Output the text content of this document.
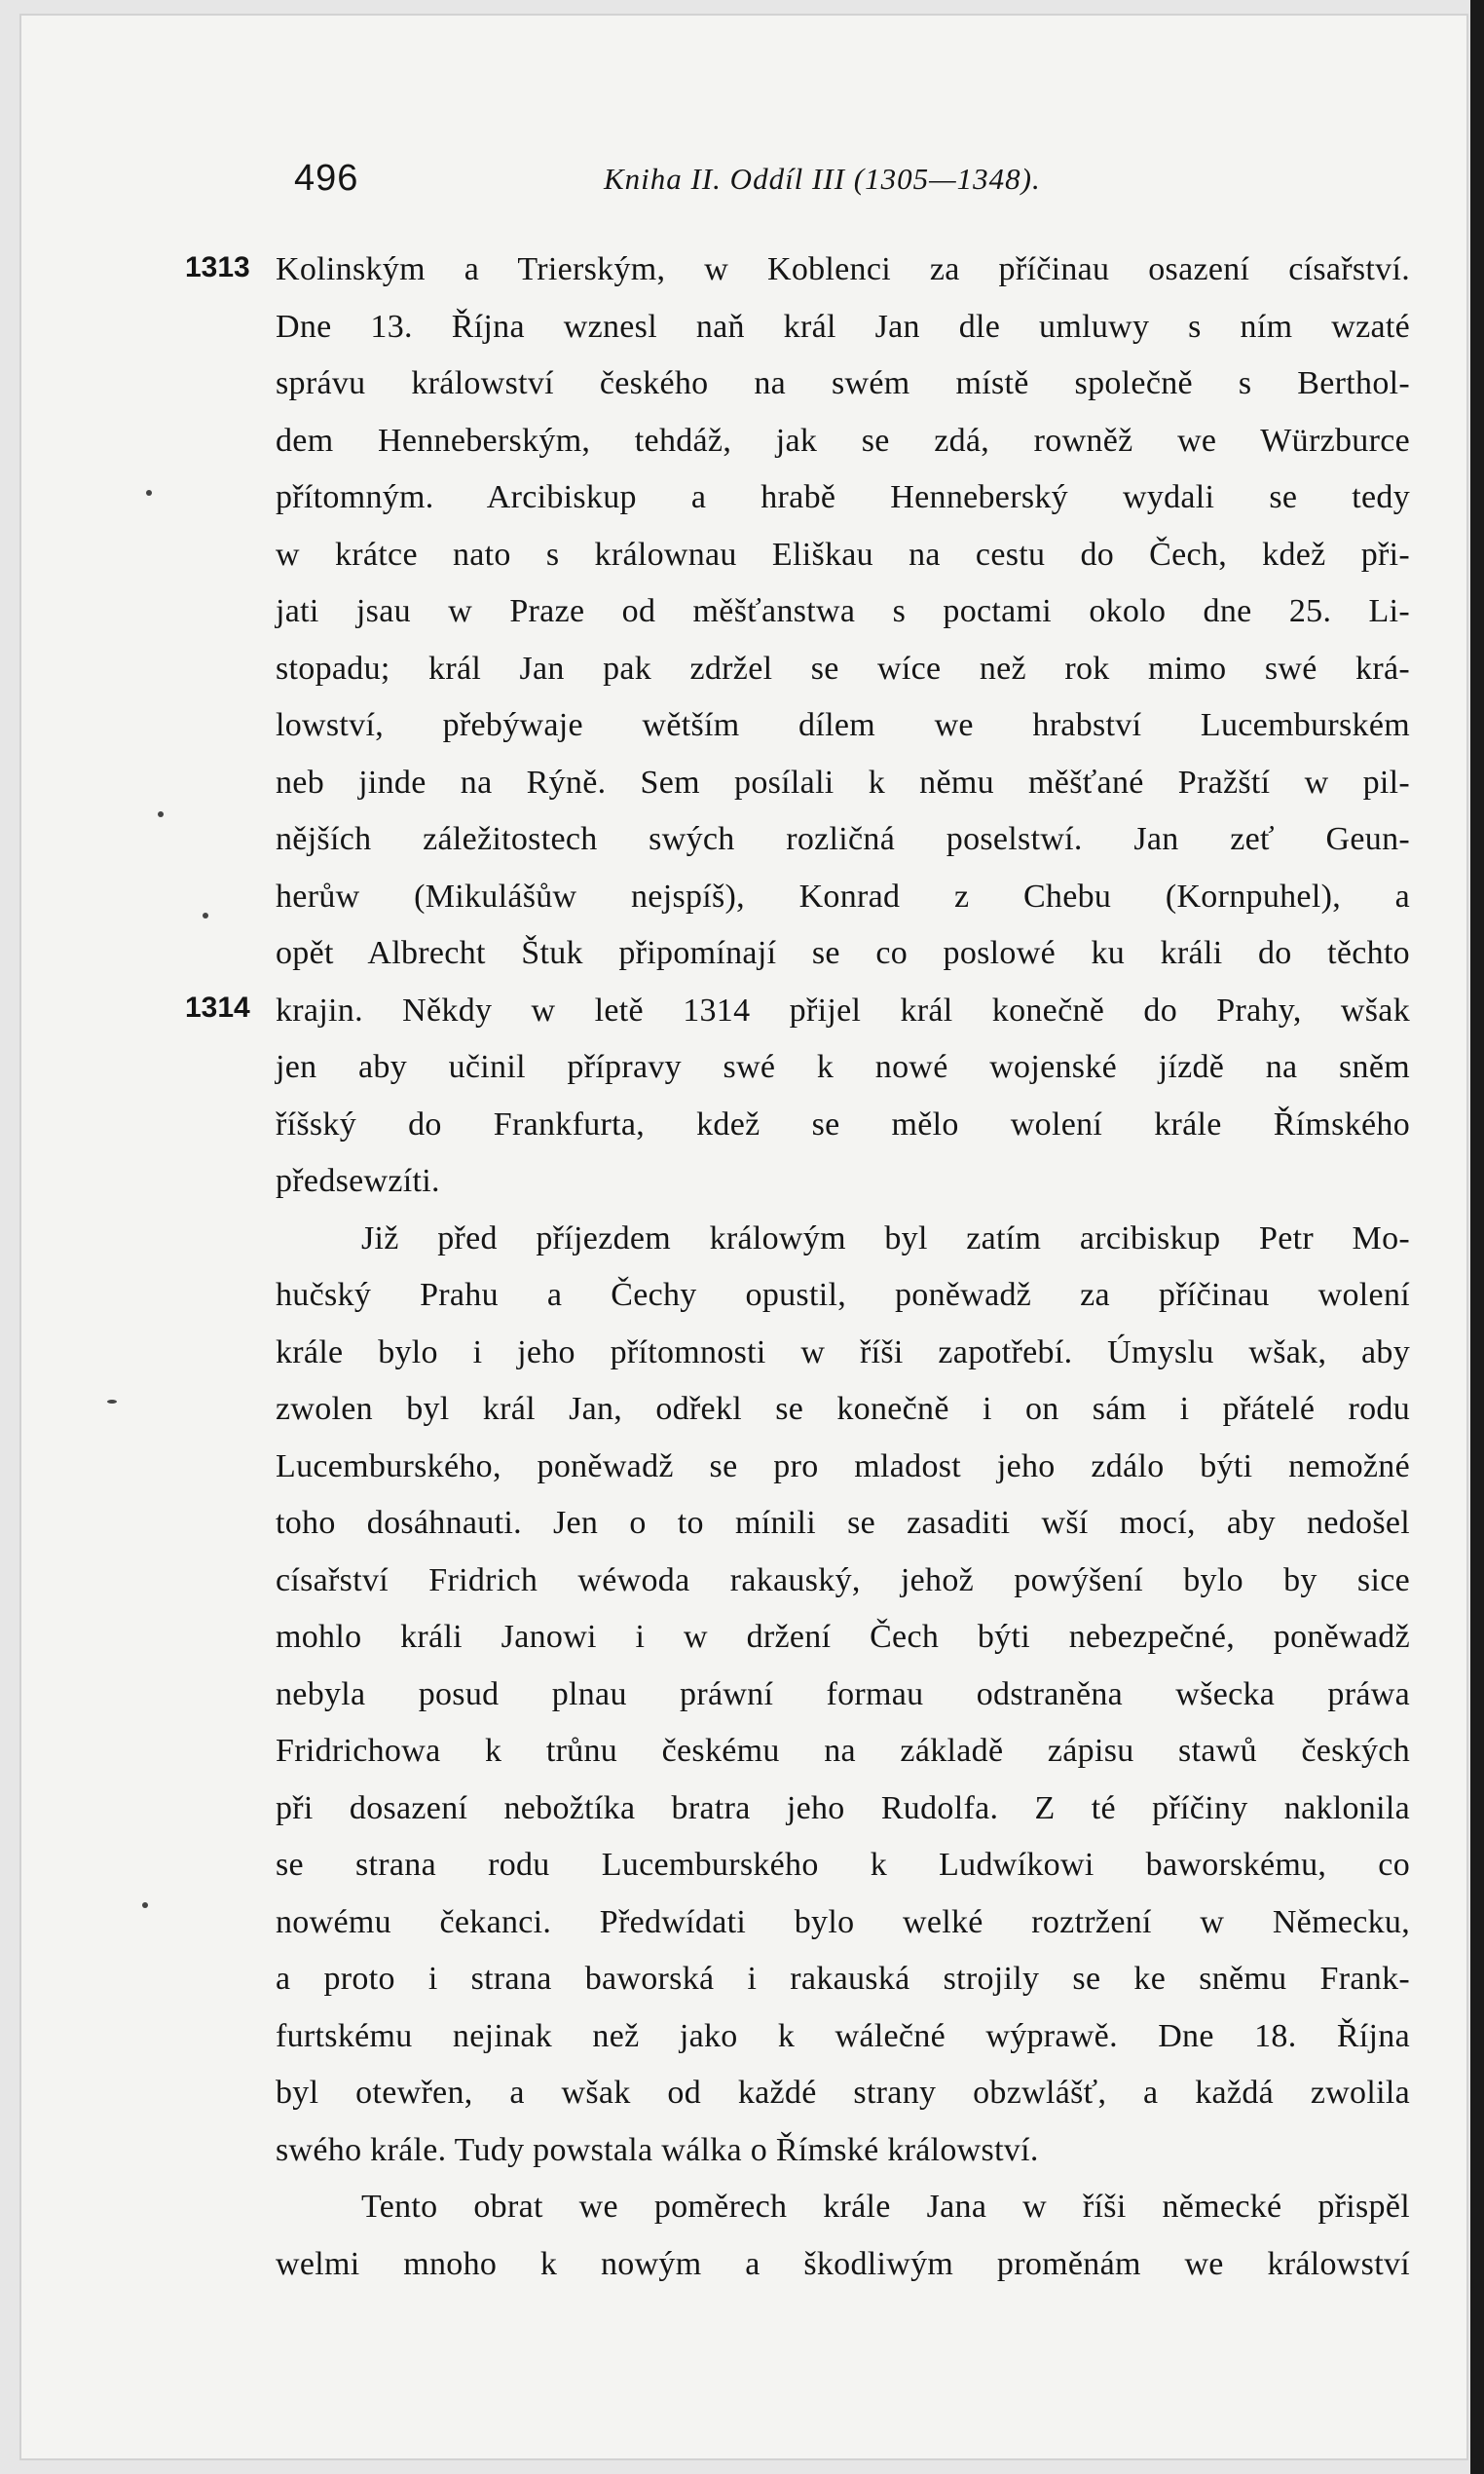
496	Kniha II. Oddíl III (1305—1348).
1313
1314
Kolinským a Trierským, w Koblenci za příčinau osazení císařství.
Dne 13. Října wznesl naň král Jan dle umluwy s ním wzaté
správu králowství českého na swém místě společně s Berthol-
dem Henneberským, tehdáž, jak se zdá, rowněž we Würzburce
přítomným. Arcibiskup a hrabě Henneberský wydali se tedy
w krátce nato s králownau Eliškau na cestu do Čech, kdež při-
jati jsau w Praze od měšťanstwa s poctami okolo dne 25. Li-
stopadu; král Jan pak zdržel se wíce než rok mimo swé krá-
lowství, přebýwaje wětším dílem we hrabství Lucemburském
neb jinde na Rýně. Sem posílali k němu měšťané Pražští w pil-
nějších záležitostech swých rozličná poselstwí. Jan zeť Geun-
herůw (Mikulášůw nejspíš), Konrad z Chebu (Kornpuhel), a
opět Albrecht Štuk připomínají se co poslowé ku králi do těchto
krajin. Někdy w letě 1314 přijel král konečně do Prahy, wšak
jen aby učinil přípravy swé k nowé wojenské jízdě na sněm
říšský do Frankfurta, kdež se mělo wolení krále Římského
předsewzíti.
Již před příjezdem králowým byl zatím arcibiskup Petr Mo-
hučský Prahu a Čechy opustil, poněwadž za příčinau wolení
krále bylo i jeho přítomnosti w říši zapotřebí. Úmyslu wšak, aby
zwolen byl král Jan, odřekl se konečně i on sám i přátelé rodu
Lucemburského, poněwadž se pro mladost jeho zdálo býti nemožné
toho dosáhnauti. Jen o to mínili se zasaditi wší mocí, aby nedošel
císařství Fridrich wéwoda rakauský, jehož powýšení bylo by sice
mohlo králi Janowi i w držení Čech býti nebezpečné, poněwadž
nebyla posud plnau práwní formau odstraněna wšecka práwa
Fridrichowa k trůnu českému na základě zápisu stawů českých
při dosazení nebožtíka bratra jeho Rudolfa. Z té příčiny naklonila
se strana rodu Lucemburského k Ludwíkowi baworskému, co
nowému čekanci. Předwídati bylo welké roztržení w Německu,
a proto i strana baworská i rakauská strojily se ke sněmu Frank-
furtskému nejinak než jako k wálečné wýprawě. Dne 18. Října
byl otewřen, a wšak od každé strany obzwlášť, a každá zwolila
swého krále. Tudy powstala wálka o Římské králowství.
Tento obrat we poměrech krále Jana w říši německé přispěl
welmi mnoho k nowým a škodliwým proměnám we králowství
